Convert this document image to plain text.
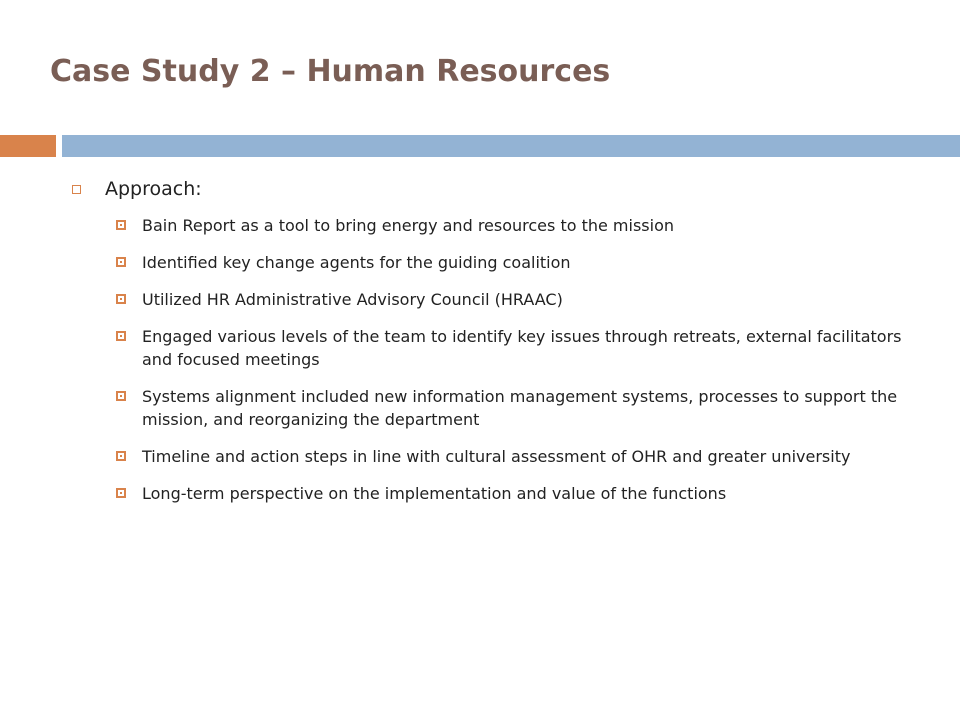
Case Study 2 – Human Resources
Approach:
Bain Report as a tool to bring energy and resources to the mission
Identified key change agents for the guiding coalition
Utilized HR Administrative Advisory Council (HRAAC)
Engaged various levels of the team to identify key issues through retreats, external facilitators and focused meetings
Systems alignment included new information management systems, processes to support the mission, and reorganizing the department
Timeline and action steps in line with cultural assessment of OHR and greater university
Long-term perspective on the implementation and value of the functions
